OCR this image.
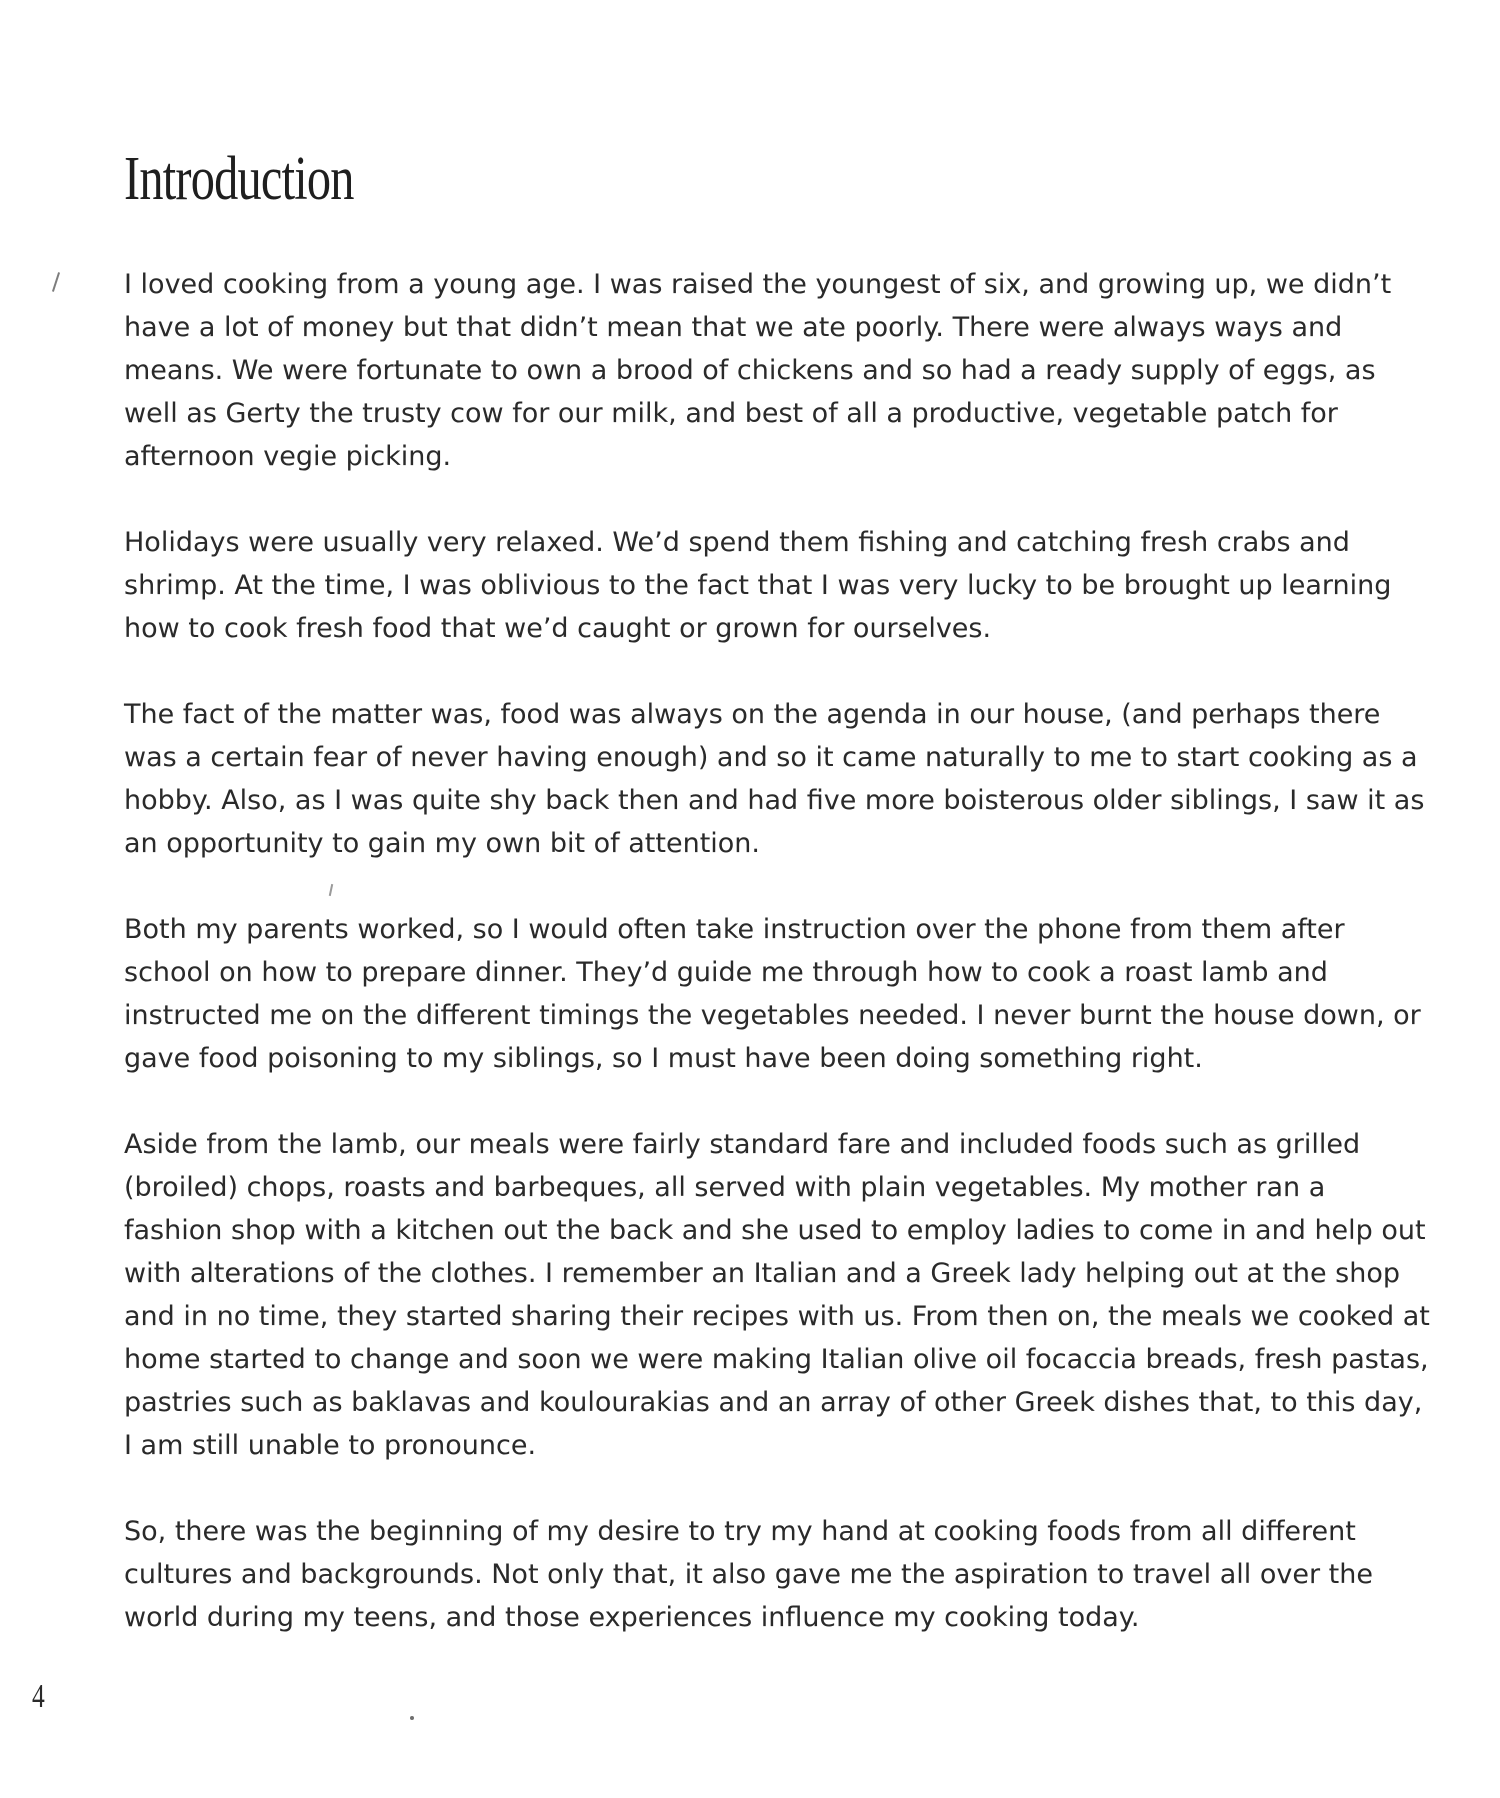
Introduction

I loved cooking from a young age. I was raised the youngest of six, and growing up, we didn’t have a lot of money but that didn’t mean that we ate poorly. There were always ways and means. We were fortunate to own a brood of chickens and so had a ready supply of eggs, as well as Gerty the trusty cow for our milk, and best of all a productive, vegetable patch for afternoon vegie picking.

Holidays were usually very relaxed. We’d spend them fishing and catching fresh crabs and shrimp. At the time, I was oblivious to the fact that I was very lucky to be brought up learning how to cook fresh food that we’d caught or grown for ourselves.

The fact of the matter was, food was always on the agenda in our house, (and perhaps there was a certain fear of never having enough) and so it came naturally to me to start cooking as a hobby. Also, as I was quite shy back then and had five more boisterous older siblings, I saw it as an opportunity to gain my own bit of attention.

Both my parents worked, so I would often take instruction over the phone from them after school on how to prepare dinner. They’d guide me through how to cook a roast lamb and instructed me on the different timings the vegetables needed. I never burnt the house down, or gave food poisoning to my siblings, so I must have been doing something right.

Aside from the lamb, our meals were fairly standard fare and included foods such as grilled (broiled) chops, roasts and barbeques, all served with plain vegetables. My mother ran a fashion shop with a kitchen out the back and she used to employ ladies to come in and help out with alterations of the clothes. I remember an Italian and a Greek lady helping out at the shop and in no time, they started sharing their recipes with us. From then on, the meals we cooked at home started to change and soon we were making Italian olive oil focaccia breads, fresh pastas, pastries such as baklavas and koulourakias and an array of other Greek dishes that, to this day, I am still unable to pronounce.

So, there was the beginning of my desire to try my hand at cooking foods from all different cultures and backgrounds. Not only that, it also gave me the aspiration to travel all over the world during my teens, and those experiences influence my cooking today.

4
